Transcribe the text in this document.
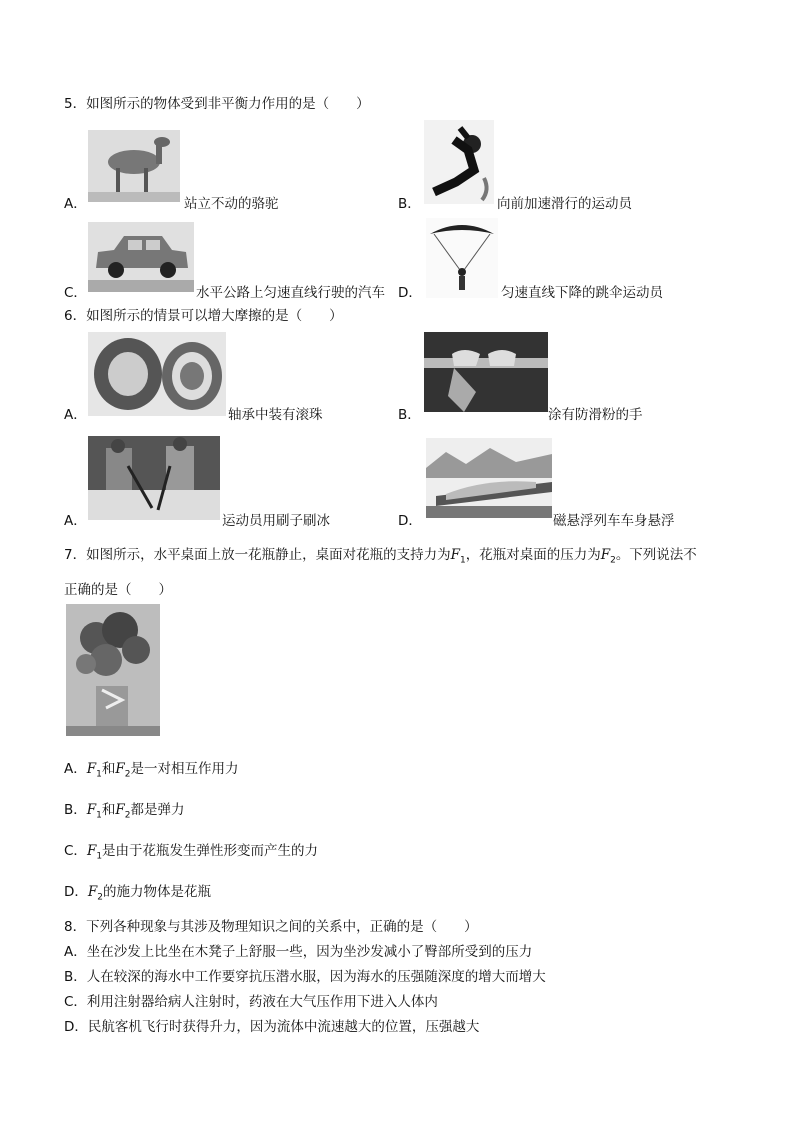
5．如图所示的物体受到非平衡力作用的是（　　）
A．	站立不动的骆驼	B．	向前加速滑行的运动员
C．	水平公路上匀速直线行驶的汽车 D．	匀速直线下降的跳伞运动员
6．如图所示的情景可以增大摩擦的是（　　）
A．	轴承中装有滚珠	B．	涂有防滑粉的手
A．	运动员用刷子刷冰	D．	磁悬浮列车车身悬浮
7．如图所示，水平桌面上放一花瓶静止，桌面对花瓶的支持力为$F_1$，花瓶对桌面的压力为$F_2$。下列说法不
正确的是（　　）
A．$F_1$和$F_2$是一对相互作用力
B．$F_1$和$F_2$都是弹力
C．$F_1$是由于花瓶发生弹性形变而产生的力
D．$F_2$的施力物体是花瓶
8．下列各种现象与其涉及物理知识之间的关系中，正确的是（　　）
A．坐在沙发上比坐在木凳子上舒服一些，因为坐沙发减小了臀部所受到的压力
B．人在较深的海水中工作要穿抗压潜水服，因为海水的压强随深度的增大而增大
C．利用注射器给病人注射时，药液在大气压作用下进入人体内
D．民航客机飞行时获得升力，因为流体中流速越大的位置，压强越大
